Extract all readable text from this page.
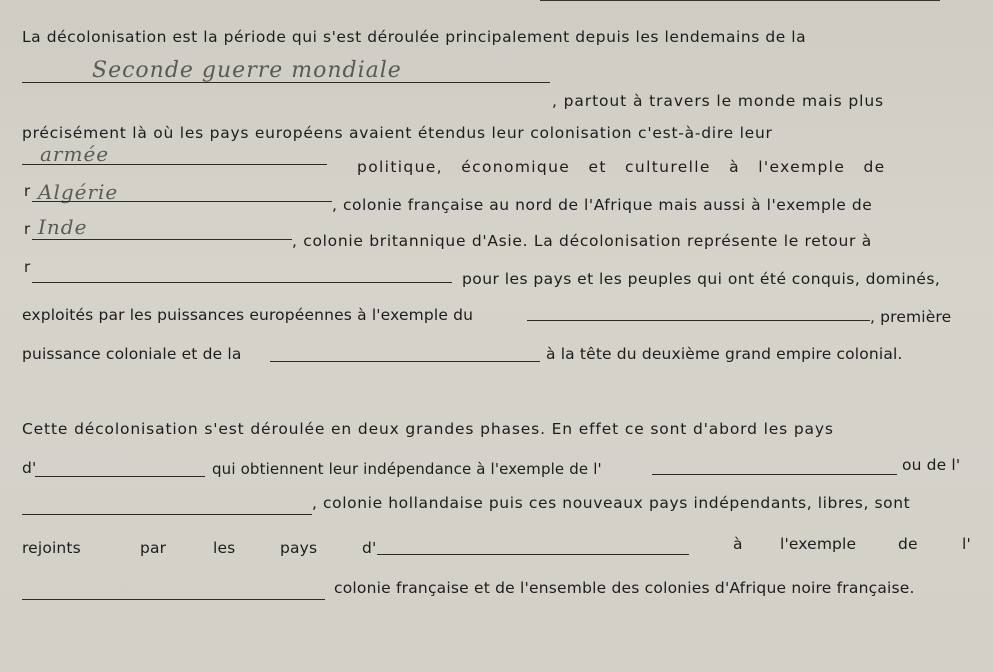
La décolonisation est la période qui s'est déroulée principalement depuis les lendemains de la
Seconde guerre mondiale
, partout à travers le monde mais plus
précisément là où les pays européens avaient étendus leur colonisation c'est-à-dire leur
armée
politique, économique et culturelle à l'exemple de
r Algérie
, colonie française au nord de l'Afrique mais aussi à l'exemple de
r Inde
, colonie britannique d'Asie. La décolonisation représente le retour à
r
pour les pays et les peuples qui ont été conquis, dominés,
exploités par les puissances européennes à l'exemple du	, première
puissance coloniale et de la	à la tête du deuxième grand empire colonial.
Cette décolonisation s'est déroulée en deux grandes phases. En effet ce sont d'abord les pays
d'	qui obtiennent leur indépendance à l'exemple de l'	ou de l'
, colonie hollandaise puis ces nouveaux pays indépendants, libres, sont
rejoints	par	les	pays	d'	à l'exemple	de	l'
colonie française et de l'ensemble des colonies d'Afrique noire française.
